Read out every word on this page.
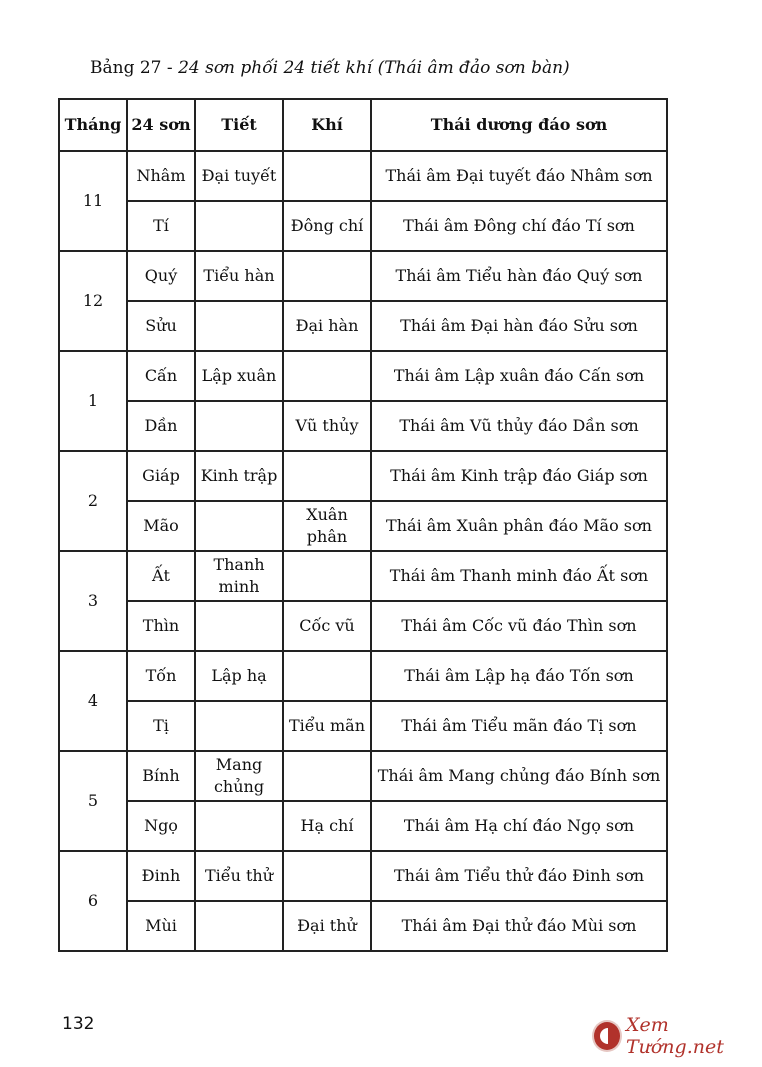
Bảng 27 - 24 sơn phối 24 tiết khí (Thái âm đảo sơn bàn)
Tháng	24 sơn	Tiết	Khí	Thái dương đáo sơn
11	Nhâm	Đại tuyết		Thái âm Đại tuyết đáo Nhâm sơn
	Tí		Đông chí	Thái âm Đông chí đáo Tí sơn
12	Quý	Tiểu hàn		Thái âm Tiểu hàn đáo Quý sơn
	Sửu		Đại hàn	Thái âm Đại hàn đáo Sửu sơn
1	Cấn	Lập xuân		Thái âm Lập xuân đáo Cấn sơn
	Dần		Vũ thủy	Thái âm Vũ thủy đáo Dần sơn
2	Giáp	Kinh trập		Thái âm Kinh trập đáo Giáp sơn
	Mão		Xuân phân	Thái âm Xuân phân đáo Mão sơn
3	Ất	Thanh minh		Thái âm Thanh minh đáo Ất sơn
	Thìn		Cốc vũ	Thái âm Cốc vũ đáo Thìn sơn
4	Tốn	Lập hạ		Thái âm Lập hạ đáo Tốn sơn
	Tị		Tiểu mãn	Thái âm Tiểu mãn đáo Tị sơn
5	Bính	Mang chủng		Thái âm Mang chủng đáo Bính sơn
	Ngọ		Hạ chí	Thái âm Hạ chí đáo Ngọ sơn
6	Đinh	Tiểu thử		Thái âm Tiểu thử đáo Đinh sơn
	Mùi		Đại thử	Thái âm Đại thử đáo Mùi sơn
132	Xem Tướng.net
